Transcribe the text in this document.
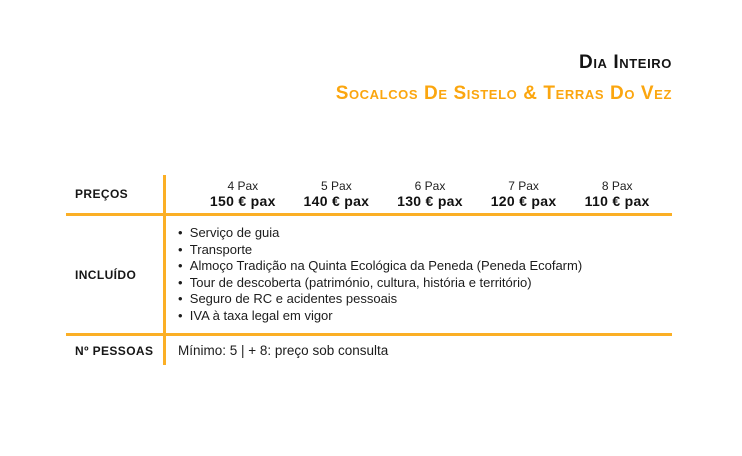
Dia Inteiro
Socalcos De Sistelo & Terras Do Vez
PREÇOS
4 Pax
150 € pax
5 Pax
140 € pax
6 Pax
130 € pax
7 Pax
120 € pax
8 Pax
110 € pax
INCLUÍDO
•  Serviço de guia
•  Transporte
•  Almoço Tradição na Quinta Ecológica da Peneda (Peneda Ecofarm)
•  Tour de descoberta (património, cultura, história e território)
•  Seguro de RC e acidentes pessoais
•  IVA à taxa legal em vigor
Nº PESSOAS	Mínimo: 5 | + 8: preço sob consulta
